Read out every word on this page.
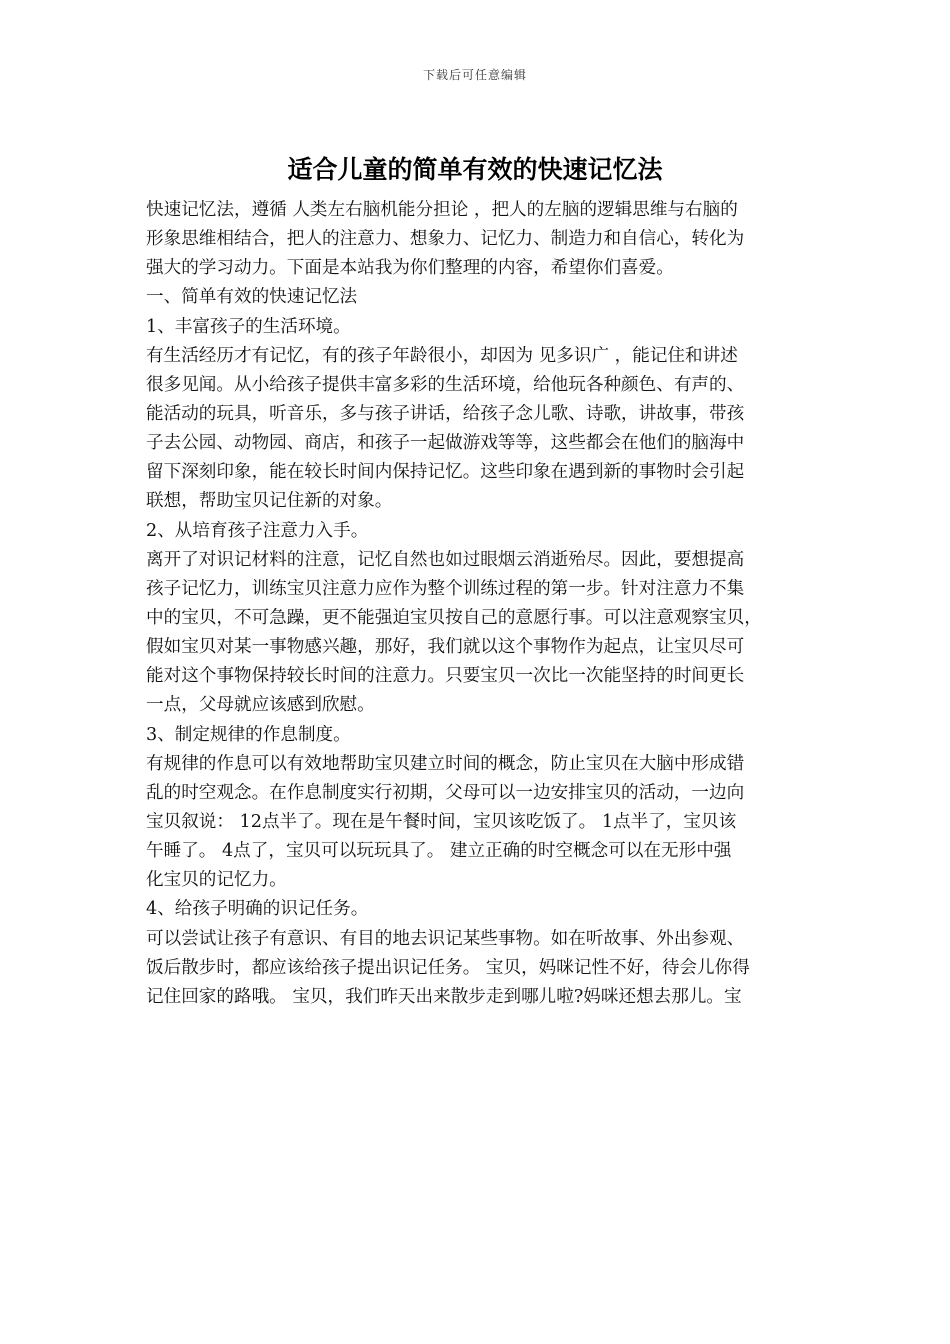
下载后可任意编辑
适合儿童的简单有效的快速记忆法
快速记忆法，遵循 人类左右脑机能分担论 ，把人的左脑的逻辑思维与右脑的
形象思维相结合，把人的注意力、想象力、记忆力、制造力和自信心，转化为
强大的学习动力。下面是本站我为你们整理的内容，希望你们喜爱。
一、简单有效的快速记忆法
1、丰富孩子的生活环境。
有生活经历才有记忆，有的孩子年龄很小，却因为 见多识广 ，能记住和讲述
很多见闻。从小给孩子提供丰富多彩的生活环境，给他玩各种颜色、有声的、
能活动的玩具，听音乐，多与孩子讲话，给孩子念儿歌、诗歌，讲故事，带孩
子去公园、动物园、商店，和孩子一起做游戏等等，这些都会在他们的脑海中
留下深刻印象，能在较长时间内保持记忆。这些印象在遇到新的事物时会引起
联想，帮助宝贝记住新的对象。
2、从培育孩子注意力入手。
离开了对识记材料的注意，记忆自然也如过眼烟云消逝殆尽。因此，要想提高
孩子记忆力，训练宝贝注意力应作为整个训练过程的第一步。针对注意力不集
中的宝贝，不可急躁，更不能强迫宝贝按自己的意愿行事。可以注意观察宝贝，
假如宝贝对某一事物感兴趣，那好，我们就以这个事物作为起点，让宝贝尽可
能对这个事物保持较长时间的注意力。只要宝贝一次比一次能坚持的时间更长
一点，父母就应该感到欣慰。
3、制定规律的作息制度。
有规律的作息可以有效地帮助宝贝建立时间的概念，防止宝贝在大脑中形成错
乱的时空观念。在作息制度实行初期，父母可以一边安排宝贝的活动，一边向
宝贝叙说： 12点半了。现在是午餐时间，宝贝该吃饭了。 1点半了，宝贝该
午睡了。 4点了，宝贝可以玩玩具了。 建立正确的时空概念可以在无形中强
化宝贝的记忆力。
4、给孩子明确的识记任务。
可以尝试让孩子有意识、有目的地去识记某些事物。如在听故事、外出参观、
饭后散步时，都应该给孩子提出识记任务。 宝贝，妈咪记性不好，待会儿你得
记住回家的路哦。 宝贝，我们昨天出来散步走到哪儿啦?妈咪还想去那儿。宝
